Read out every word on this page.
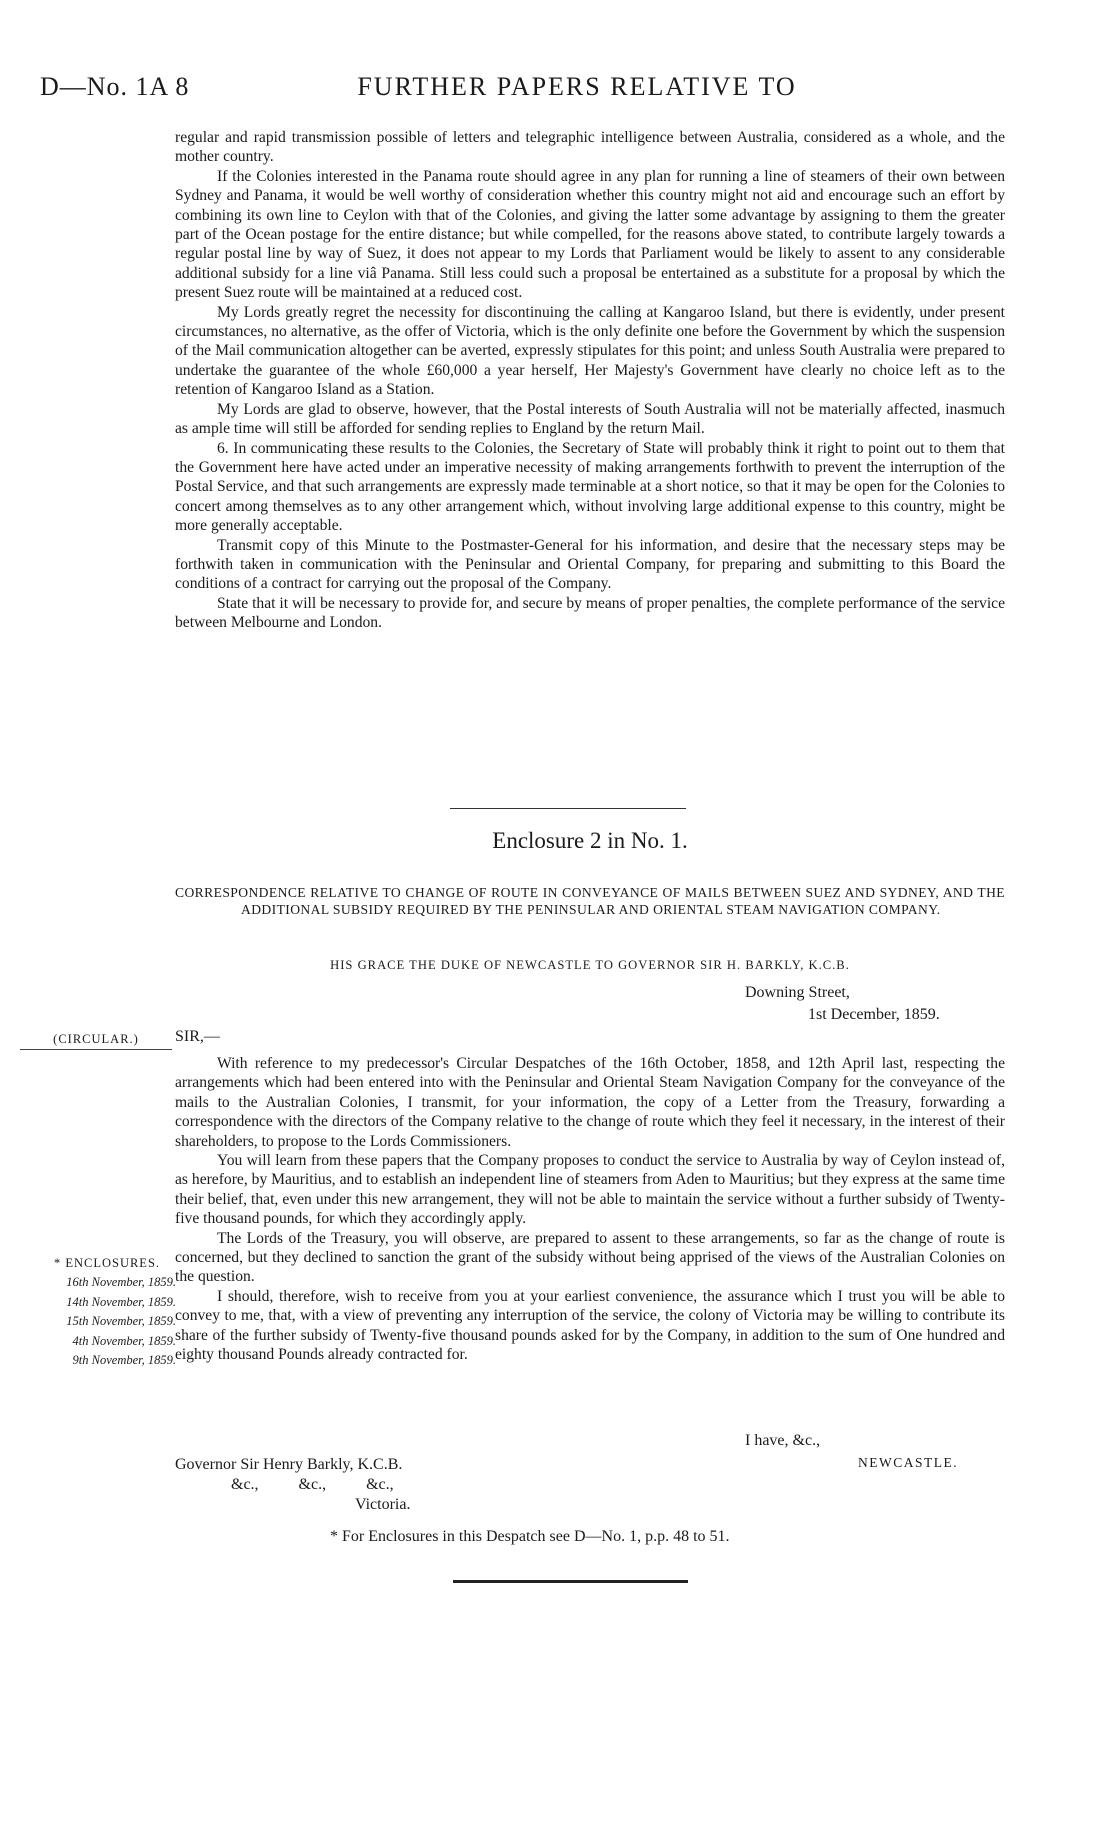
D—No. 1A 8	FURTHER PAPERS RELATIVE TO

regular and rapid transmission possible of letters and telegraphic intelligence between Australia, considered as a whole, and the mother country.

If the Colonies interested in the Panama route should agree in any plan for running a line of steamers of their own between Sydney and Panama, it would be well worthy of consideration whether this country might not aid and encourage such an effort by combining its own line to Ceylon with that of the Colonies, and giving the latter some advantage by assigning to them the greater part of the Ocean postage for the entire distance; but while compelled, for the reasons above stated, to contribute largely towards a regular postal line by way of Suez, it does not appear to my Lords that Parliament would be likely to assent to any considerable additional subsidy for a line viâ Panama. Still less could such a proposal be entertained as a substitute for a proposal by which the present Suez route will be maintained at a reduced cost.

My Lords greatly regret the necessity for discontinuing the calling at Kangaroo Island, but there is evidently, under present circumstances, no alternative, as the offer of Victoria, which is the only definite one before the Government by which the suspension of the Mail communication altogether can be averted, expressly stipulates for this point; and unless South Australia were prepared to undertake the guarantee of the whole £60,000 a year herself, Her Majesty's Government have clearly no choice left as to the retention of Kangaroo Island as a Station.

My Lords are glad to observe, however, that the Postal interests of South Australia will not be materially affected, inasmuch as ample time will still be afforded for sending replies to England by the return Mail.

6. In communicating these results to the Colonies, the Secretary of State will probably think it right to point out to them that the Government here have acted under an imperative necessity of making arrangements forthwith to prevent the interruption of the Postal Service, and that such arrangements are expressly made terminable at a short notice, so that it may be open for the Colonies to concert among themselves as to any other arrangement which, without involving large additional expense to this country, might be more generally acceptable.

Transmit copy of this Minute to the Postmaster-General for his information, and desire that the necessary steps may be forthwith taken in communication with the Peninsular and Oriental Company, for preparing and submitting to this Board the conditions of a contract for carrying out the proposal of the Company.

State that it will be necessary to provide for, and secure by means of proper penalties, the complete performance of the service between Melbourne and London.

Enclosure 2 in No. 1.

CORRESPONDENCE RELATIVE TO CHANGE OF ROUTE IN CONVEYANCE OF MAILS BETWEEN SUEZ AND SYDNEY, AND THE ADDITIONAL SUBSIDY REQUIRED BY THE PENINSULAR AND ORIENTAL STEAM NAVIGATION COMPANY.

HIS GRACE THE DUKE OF NEWCASTLE TO GOVERNOR SIR H. BARKLY, K.C.B.
Downing Street,
1st December, 1859.
(CIRCULAR.)	SIR,—

With reference to my predecessor's Circular Despatches of the 16th October, 1858, and 12th April last, respecting the arrangements which had been entered into with the Peninsular and Oriental Steam Navigation Company for the conveyance of the mails to the Australian Colonies, I transmit, for your information, the copy of a Letter from the Treasury, forwarding a correspondence with the directors of the Company relative to the change of route which they feel it necessary, in the interest of their shareholders, to propose to the Lords Commissioners.

You will learn from these papers that the Company proposes to conduct the service to Australia by way of Ceylon instead of, as herefore, by Mauritius, and to establish an independent line of steamers from Aden to Mauritius; but they express at the same time their belief, that, even under this new arrangement, they will not be able to maintain the service without a further subsidy of Twenty-five thousand pounds, for which they accordingly apply.

The Lords of the Treasury, you will observe, are prepared to assent to these arrangements, so far as the change of route is concerned, but they declined to sanction the grant of the subsidy without being apprised of the views of the Australian Colonies on the question.

I should, therefore, wish to receive from you at your earliest convenience, the assurance which I trust you will be able to convey to me, that, with a view of preventing any interruption of the service, the colony of Victoria may be willing to contribute its share of the further subsidy of Twenty-five thousand pounds asked for by the Company, in addition to the sum of One hundred and eighty thousand Pounds already contracted for.

* ENCLOSURES.
16th November, 1859.
14th November, 1859.
15th November, 1859.
4th November, 1859.
9th November, 1859.
I have, &c.,
NEWCASTLE.
Governor Sir Henry Barkly, K.C.B.
&c.,          &c.,          &c.,
Victoria.
* For Enclosures in this Despatch see D—No. 1, p.p. 48 to 51.
